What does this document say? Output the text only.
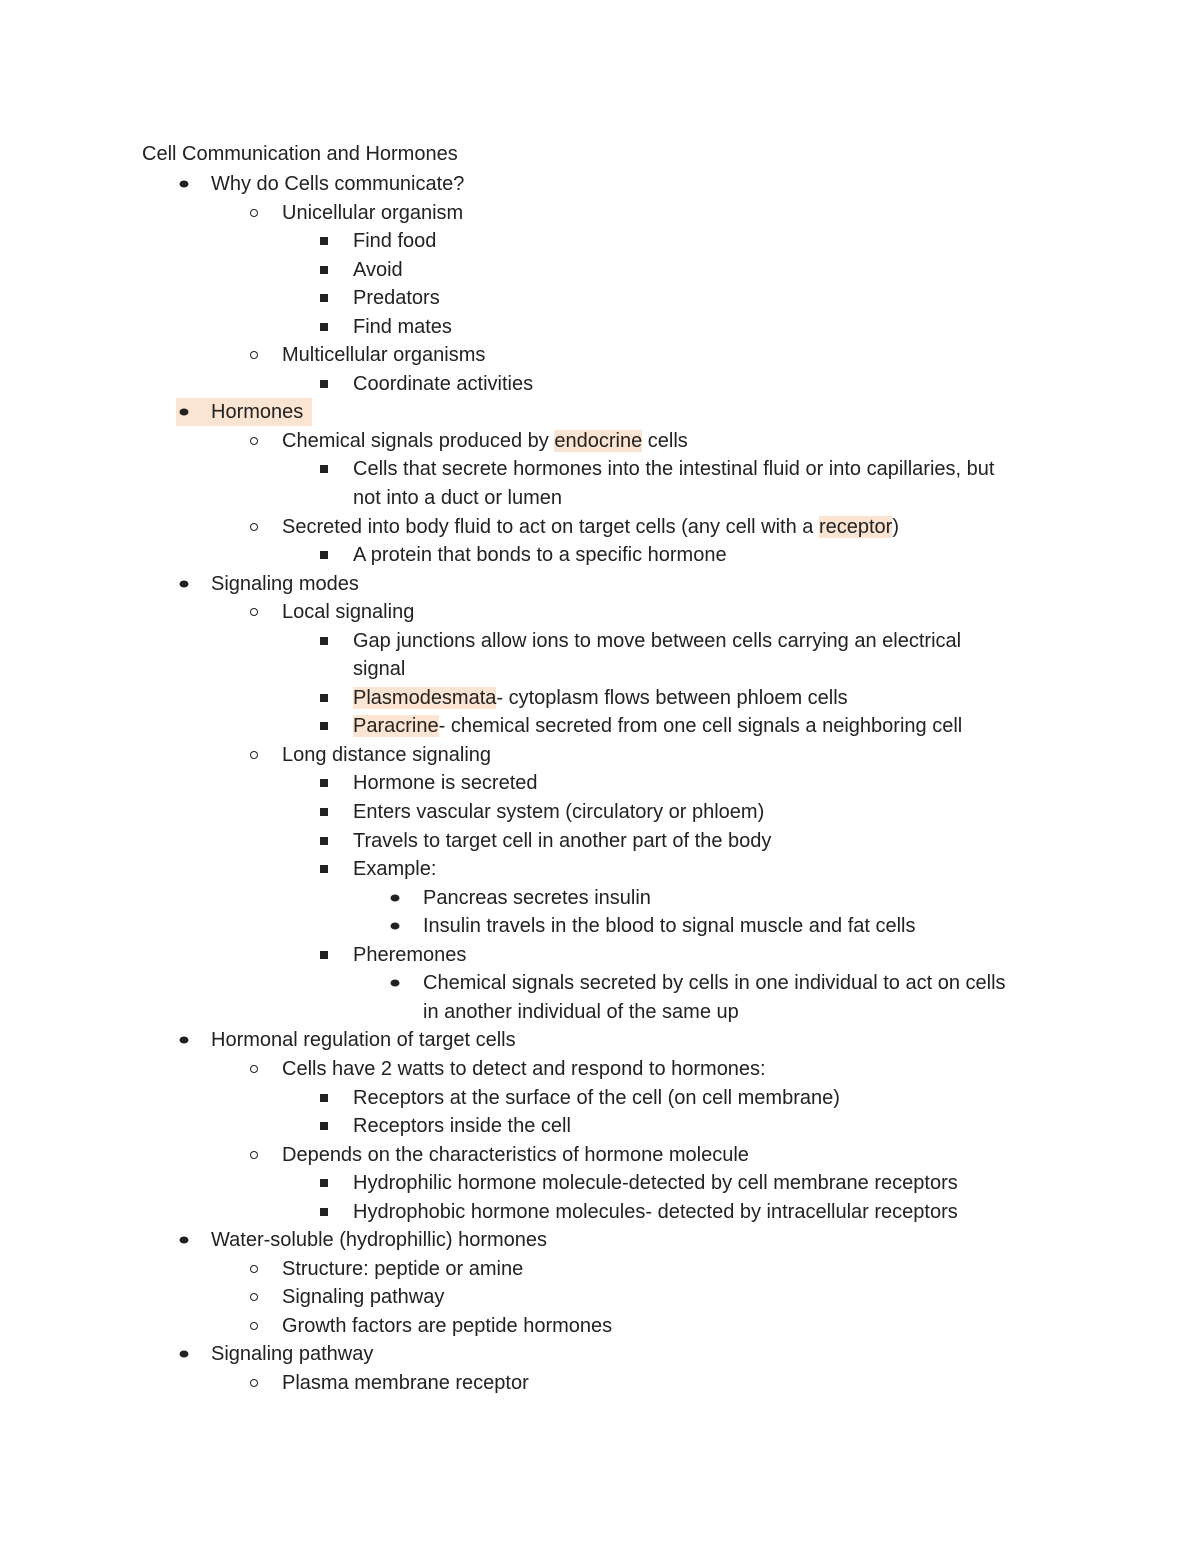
Cell Communication and Hormones
Why do Cells communicate?
Unicellular organism
Find food
Avoid
Predators
Find mates
Multicellular organisms
Coordinate activities
Hormones
Chemical signals produced by endocrine cells
Cells that secrete hormones into the intestinal fluid or into capillaries, but
not into a duct or lumen
Secreted into body fluid to act on target cells (any cell with a receptor)
A protein that bonds to a specific hormone
Signaling modes
Local signaling
Gap junctions allow ions to move between cells carrying an electrical
signal
Plasmodesmata- cytoplasm flows between phloem cells
Paracrine- chemical secreted from one cell signals a neighboring cell
Long distance signaling
Hormone is secreted
Enters vascular system (circulatory or phloem)
Travels to target cell in another part of the body
Example:
Pancreas secretes insulin
Insulin travels in the blood to signal muscle and fat cells
Pheremones
Chemical signals secreted by cells in one individual to act on cells
in another individual of the same up
Hormonal regulation of target cells
Cells have 2 watts to detect and respond to hormones:
Receptors at the surface of the cell (on cell membrane)
Receptors inside the cell
Depends on the characteristics of hormone molecule
Hydrophilic hormone molecule-detected by cell membrane receptors
Hydrophobic hormone molecules- detected by intracellular receptors
Water-soluble (hydrophillic) hormones
Structure: peptide or amine
Signaling pathway
Growth factors are peptide hormones
Signaling pathway
Plasma membrane receptor
